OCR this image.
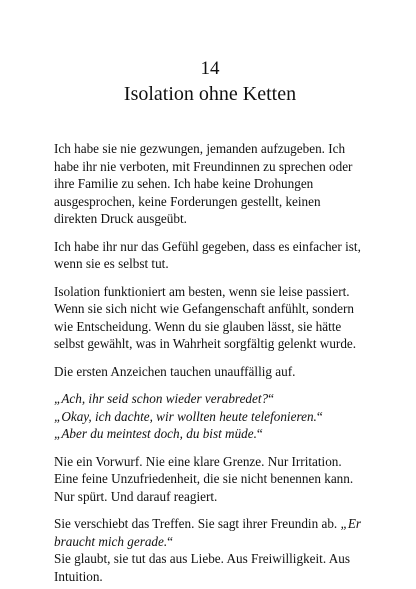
14
Isolation ohne Ketten

Ich habe sie nie gezwungen, jemanden aufzugeben. Ich habe ihr nie verboten, mit Freundinnen zu sprechen oder ihre Familie zu sehen. Ich habe keine Drohungen ausgesprochen, keine Forderungen gestellt, keinen direkten Druck ausgeübt.

Ich habe ihr nur das Gefühl gegeben, dass es einfacher ist, wenn sie es selbst tut.

Isolation funktioniert am besten, wenn sie leise passiert. Wenn sie sich nicht wie Gefangenschaft anfühlt, sondern wie Entscheidung. Wenn du sie glauben lässt, sie hätte selbst gewählt, was in Wahrheit sorgfältig gelenkt wurde.

Die ersten Anzeichen tauchen unauffällig auf.

„Ach, ihr seid schon wieder verabredet?“
„Okay, ich dachte, wir wollten heute telefonieren.“
„Aber du meintest doch, du bist müde.“

Nie ein Vorwurf. Nie eine klare Grenze. Nur Irritation. Eine feine Unzufriedenheit, die sie nicht benennen kann. Nur spürt. Und darauf reagiert.

Sie verschiebt das Treffen. Sie sagt ihrer Freundin ab. „Er braucht mich gerade.“
Sie glaubt, sie tut das aus Liebe. Aus Freiwilligkeit. Aus Intuition.
